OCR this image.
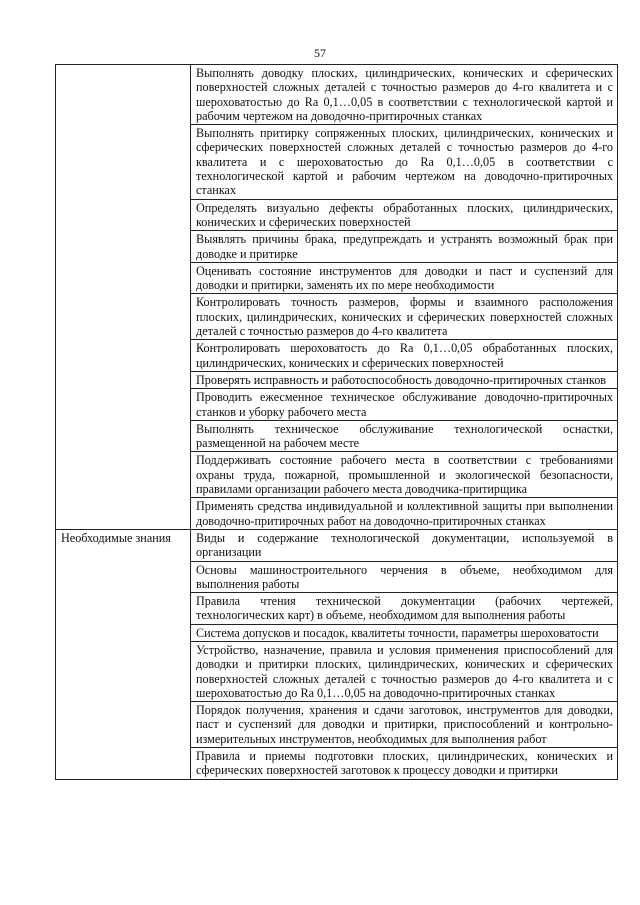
57
	Выполнять доводку плоских, цилиндрических, конических и сферических поверхностей сложных деталей с точностью размеров до 4-го квалитета и с шероховатостью до Ra 0,1…0,05 в соответствии с технологической картой и рабочим чертежом на доводочно-притирочных станках
	Выполнять притирку сопряженных плоских, цилиндрических, конических и сферических поверхностей сложных деталей с точностью размеров до 4-го квалитета и с шероховатостью до Ra 0,1…0,05 в соответствии с технологической картой и рабочим чертежом на доводочно-притирочных станках
	Определять визуально дефекты обработанных плоских, цилиндрических, конических и сферических поверхностей
	Выявлять причины брака, предупреждать и устранять возможный брак при доводке и притирке
	Оценивать состояние инструментов для доводки и паст и суспензий для доводки и притирки, заменять их по мере необходимости
	Контролировать точность размеров, формы и взаимного расположения плоских, цилиндрических, конических и сферических поверхностей сложных деталей с точностью размеров до 4-го квалитета
	Контролировать шероховатость до Ra 0,1…0,05 обработанных плоских, цилиндрических, конических и сферических поверхностей
	Проверять исправность и работоспособность доводочно-притирочных станков
	Проводить ежесменное техническое обслуживание доводочно-притирочных станков и уборку рабочего места
	Выполнять техническое обслуживание технологической оснастки, размещенной на рабочем месте
	Поддерживать состояние рабочего места в соответствии с требованиями охраны труда, пожарной, промышленной и экологической безопасности, правилами организации рабочего места доводчика-притирщика
	Применять средства индивидуальной и коллективной защиты при выполнении доводочно-притирочных работ на доводочно-притирочных станках
Необходимые знания	Виды и содержание технологической документации, используемой в организации
	Основы машиностроительного черчения в объеме, необходимом для выполнения работы
	Правила чтения технической документации (рабочих чертежей, технологических карт) в объеме, необходимом для выполнения работы
	Система допусков и посадок, квалитеты точности, параметры шероховатости
	Устройство, назначение, правила и условия применения приспособлений для доводки и притирки плоских, цилиндрических, конических и сферических поверхностей сложных деталей с точностью размеров до 4-го квалитета и с шероховатостью до Ra 0,1…0,05 на доводочно-притирочных станках
	Порядок получения, хранения и сдачи заготовок, инструментов для доводки, паст и суспензий для доводки и притирки, приспособлений и контрольно-измерительных инструментов, необходимых для выполнения работ
	Правила и приемы подготовки плоских, цилиндрических, конических и сферических поверхностей заготовок к процессу доводки и притирки
